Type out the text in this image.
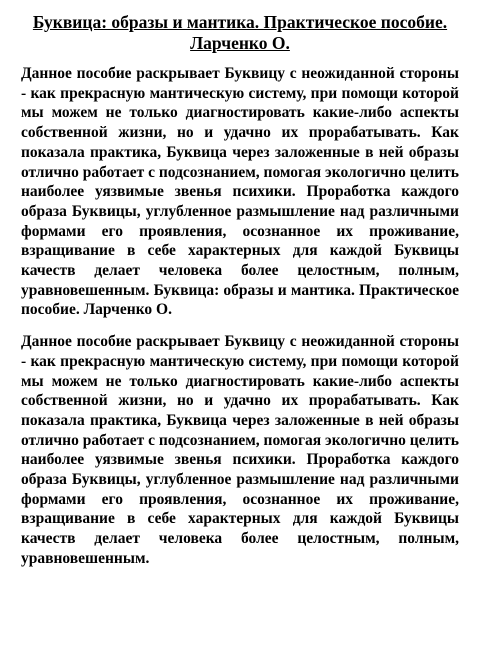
Буквица: образы и мантика. Практическое пособие. Ларченко О.

Данное пособие раскрывает Буквицу с неожиданной стороны - как прекрасную мантическую систему, при помощи которой мы можем не только диагностировать какие-либо аспекты собственной жизни, но и удачно их прорабатывать. Как показала практика, Буквица через заложенные в ней образы отлично работает с подсознанием, помогая экологично целить наиболее уязвимые звенья психики. Проработка каждого образа Буквицы, углубленное размышление над различными формами его проявления, осознанное их проживание, взращивание в себе характерных для каждой Буквицы качеств делает человека более целостным, полным, уравновешенным. Буквица: образы и мантика. Практическое пособие. Ларченко О.

Данное пособие раскрывает Буквицу с неожиданной стороны - как прекрасную мантическую систему, при помощи которой мы можем не только диагностировать какие-либо аспекты собственной жизни, но и удачно их прорабатывать. Как показала практика, Буквица через заложенные в ней образы отлично работает с подсознанием, помогая экологично целить наиболее уязвимые звенья психики. Проработка каждого образа Буквицы, углубленное размышление над различными формами его проявления, осознанное их проживание, взращивание в себе характерных для каждой Буквицы качеств делает человека более целостным, полным, уравновешенным.
